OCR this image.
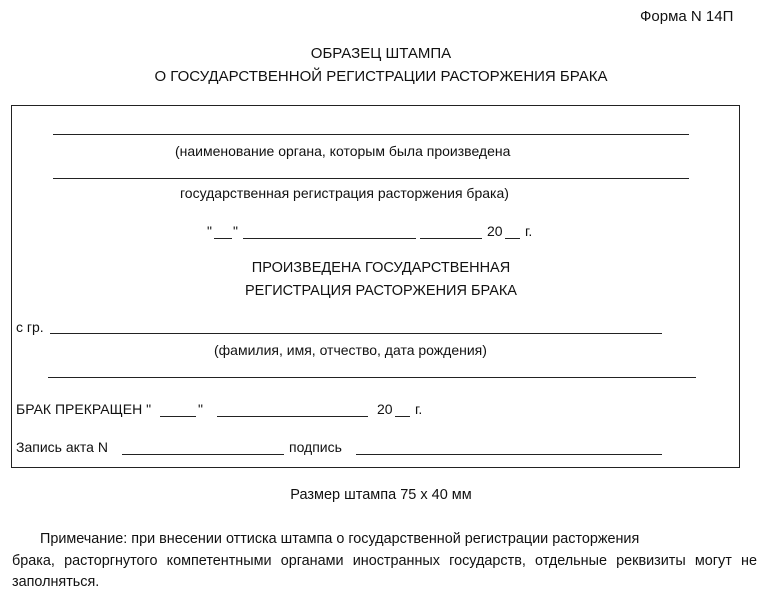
Форма N 14П
ОБРАЗЕЦ ШТАМПА
О ГОСУДАРСТВЕННОЙ РЕГИСТРАЦИИ РАСТОРЖЕНИЯ БРАКА
(наименование органа, которым была произведена
государственная регистрация расторжения брака)
" "	20 г.
ПРОИЗВЕДЕНА ГОСУДАРСТВЕННАЯ
РЕГИСТРАЦИЯ РАСТОРЖЕНИЯ БРАКА
с гр.
(фамилия, имя, отчество, дата рождения)
БРАК ПРЕКРАЩЕН "	"	20 г.
Запись акта N	подпись
Размер штампа 75 х 40 мм
Примечание: при внесении оттиска штампа о государственной регистрации расторжения
брака, расторгнутого компетентными органами иностранных государств, отдельные реквизиты могут не заполняться.
